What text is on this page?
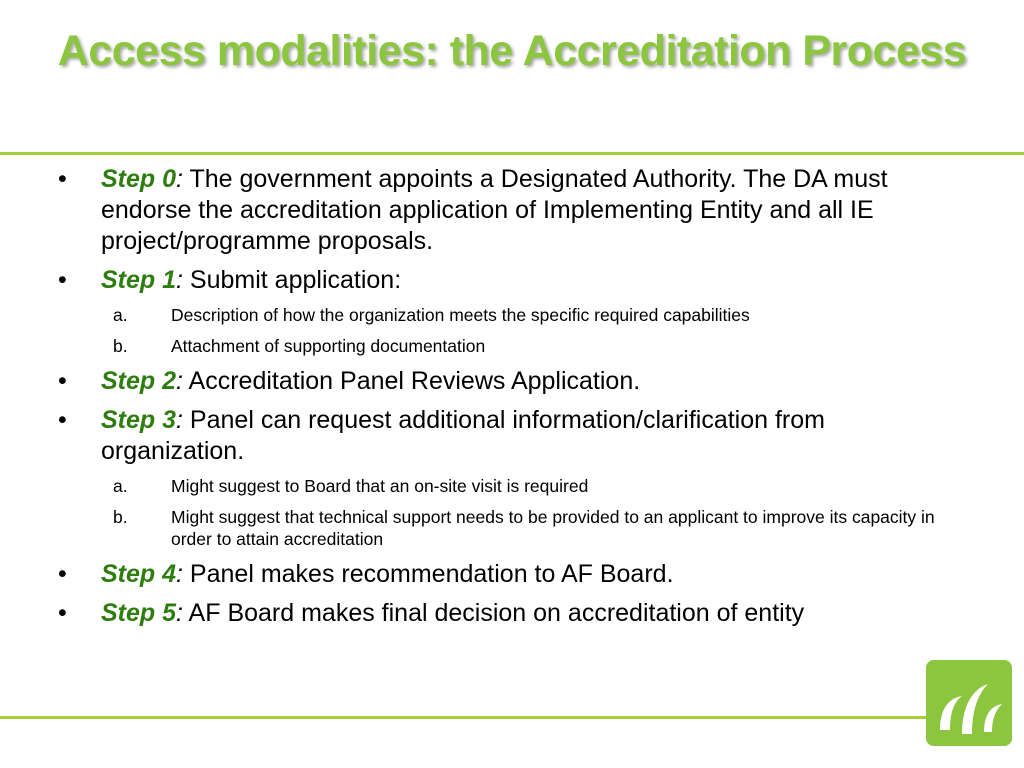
Access modalities: the Accreditation Process
• Step 0: The government appoints a Designated Authority. The DA must endorse the accreditation application of Implementing Entity and all IE project/programme proposals.
• Step 1: Submit application:
a. Description of how the organization meets the specific required capabilities
b. Attachment of supporting documentation
• Step 2: Accreditation Panel Reviews Application.
• Step 3: Panel can request additional information/clarification from organization.
a. Might suggest to Board that an on-site visit is required
b. Might suggest that technical support needs to be provided to an applicant to improve its capacity in order to attain accreditation
• Step 4: Panel makes recommendation to AF Board.
• Step 5: AF Board makes final decision on accreditation of entity
